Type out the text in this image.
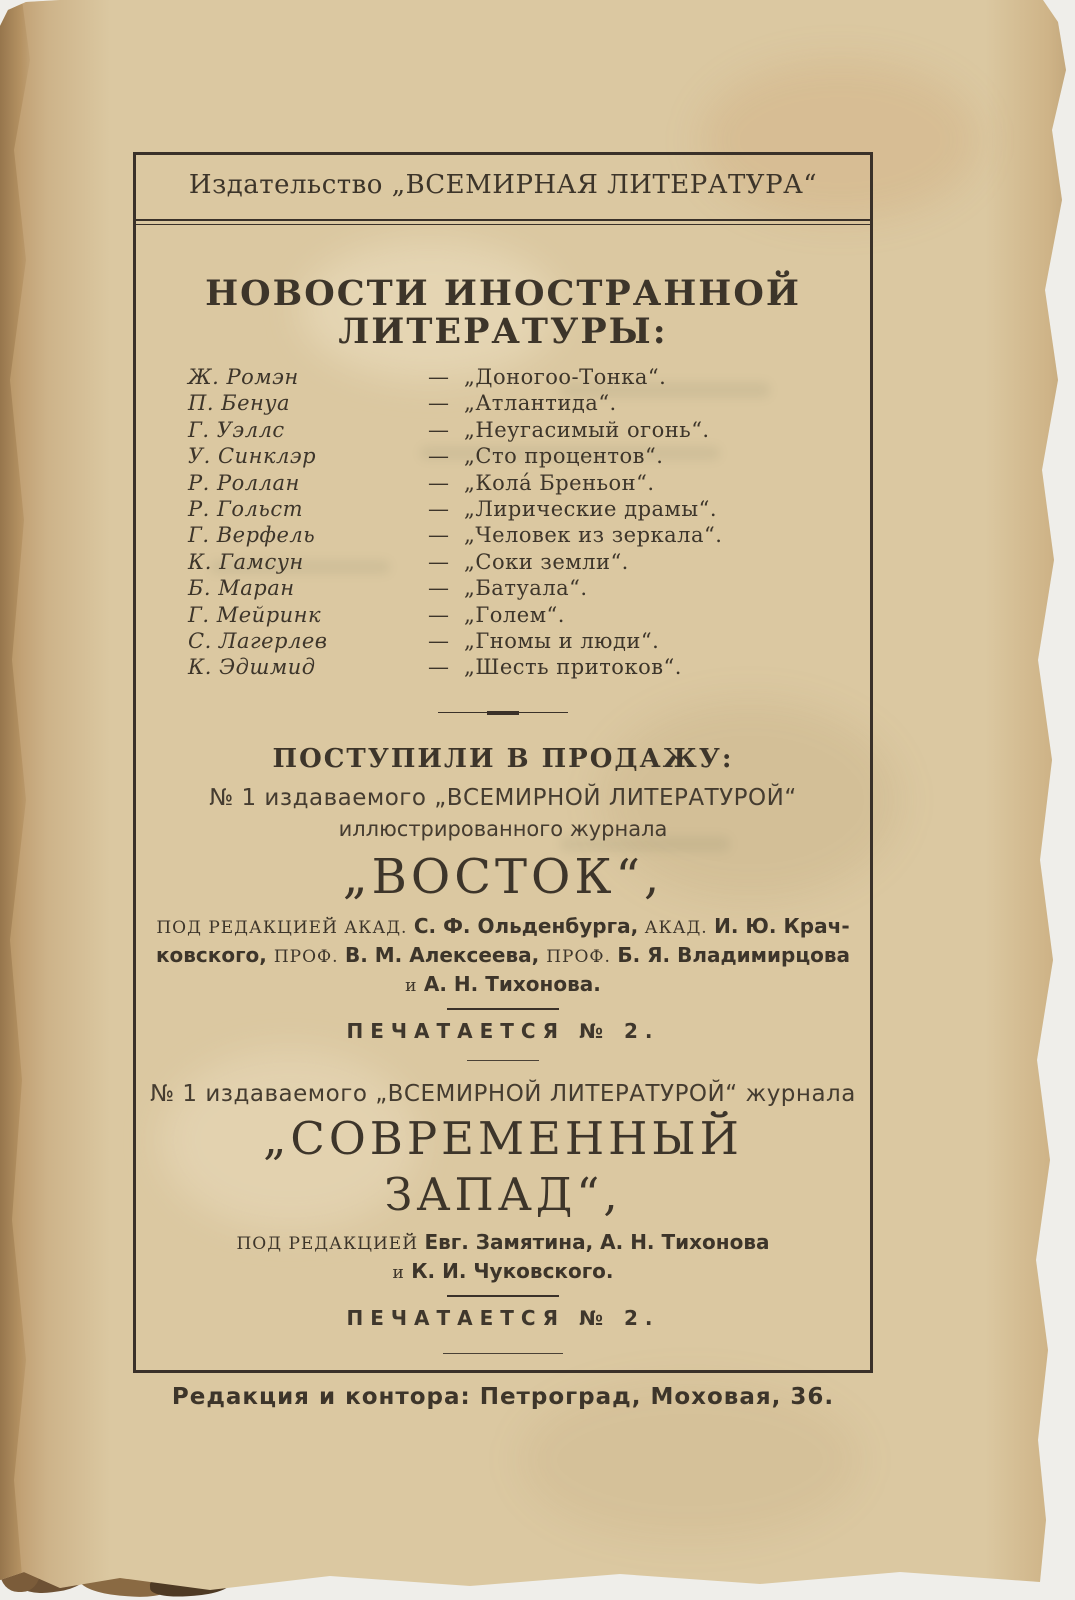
Издательство „ВСЕМИРНАЯ ЛИТЕРАТУРА“
НОВОСТИ ИНОСТРАННОЙ
ЛИТЕРАТУРЫ:
Ж. Ромэн	— „Доногоо-Тонка“.
П. Бенуа	— „Атлантида“.
Г. Уэллс	— „Неугасимый огонь“.
У. Синклэр	— „Сто процентов“.
Р. Роллан	— „Кола́ Бреньон“.
Р. Гольст	— „Лирические драмы“.
Г. Верфель	— „Человек из зеркала“.
К. Гамсун	— „Соки земли“.
Б. Маран	— „Батуала“.
Г. Мейринк	— „Голем“.
С. Лагерлев	— „Гномы и люди“.
К. Эдшмид	— „Шесть притоков“.
ПОСТУПИЛИ В ПРОДАЖУ:
№ 1 издаваемого „ВСЕМИРНОЙ ЛИТЕРАТУРОЙ“
иллюстрированного журнала
„ВОСТОК“,
ПОД РЕДАКЦИЕЙ АКАД. С. Ф. Ольденбурга, АКАД. И. Ю. Крач-
ковского, ПРОФ. В. М. Алексеева, ПРОФ. Б. Я. Владимирцова
и А. Н. Тихонова.
ПЕЧАТАЕТСЯ № 2.
№ 1 издаваемого „ВСЕМИРНОЙ ЛИТЕРАТУРОЙ“ журнала
„СОВРЕМЕННЫЙ ЗАПАД“,
ПОД РЕДАКЦИЕЙ Евг. Замятина, А. Н. Тихонова
и К. И. Чуковского.
ПЕЧАТАЕТСЯ № 2.
Редакция и контора: Петроград, Моховая, 36.
